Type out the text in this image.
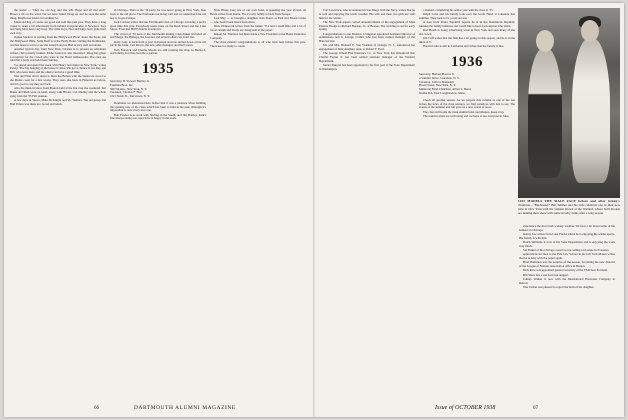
the reader — 'They do, ole dog, and she will. Hope and all that stuff.' Blows a bit on the wind, but we have talked Doug up and he says the same thing. Mayflower Gleno in Gardiner St.

Mark and Peg of course are good and well this past year. They have a long career to learn a bit laboriously from behind everyone else at Newport. Joey and Sally have been very busy. The older boys, Ned and Kitty, have gone their own way.

Ogden Spencer is writing from the Hollywood Hotel about the Stone and the Hollywood Hills. Sally Duff is at the Holly Hotel, visiting the Rollinsons, and has been to town to see the Grand Canyon. Bud is very well and about.

Another typical day, from New York, Charles is to present an adventure writers club recently formed. Eddie Gaston is also interested. Doug has given a reception for the crowd who were in the Hotel Ambassador. The ones are told that a party was held there Sunday.

'Go ahead and spend the week with Henry and Janice in New York,' writes Penny. 'The big hanging of the house is done.' He got a chance to see Ray and Bill, who were there and the others can have a good time.

Wes and Ellie drove down to meet the Bolton with the Delaware crowd to the Maine coast for a few weeks. They were due back in Hanover as before, and it's good to say they are back.

Also the musical show from Boston held at the Inn over the weekend. Ted Blake and Ruth were on hand, along with Hiram, Cal, Dudley and the whole gang from the '35 Fall reunion.

A few days in Stowe, Mike McKnight and Vic Walters. The old group and Bud Patton was there too. Good old bunch.

in Chicago. Then at the '34 party, he was never going to New York, then back to the old place. The Fairbanks are doing well and we understand the old boy is in good shape.

Jack Carlson writes that the 'Dartmouth Club of Chicago is having a pretty good time this year. Everybody keeps busy on the Rush Street and the Lake Shore. Even met Bill Edwards downtown.'

The crowd of '35 seen at the Dartmouth Outing Club dinner included Al and Marge, the Bishops, the Greenes and several others we won't list.

Rudy Gray is back from a year in Europe and has settled down at his old job in the bank. Carl Ross is the new sales manager, and that's news.

Tom Fenwick and Charlie Meade are still running the shop in Hartford, and Johnny Lord has become a partner.

1935
Secretary, H. Stewart Hartley Jr.
Freeman Bros. Inc.
590 5th Ave., New York, N. Y.
Treasurer, Thomas F. Hart
1021 North St., Tarrytown, N. Y.

Doubtless we mentioned here before that it was a pleasure when building the opening note of the class, which has been so kind in the past, although it's impossible to note every nice one.

Bob Fowler is at work with Stirling in the South, and Jim Hartley, Kirk's fine sheep-raising son, reports he is happy in the work.

Nick Hines, long one of our own band, is spending the year abroad. Al Bevin writes from Rome. The Crosby family is back from Europe.

Last May — as brought a daughter, Jean Sturtz, to Paul and Eileen Carter — who hasn't been heard from since.

Dick Wentworth writes from the banks: 'I've had a swell time and a lot of travel. Ralph and Trudy are doing well at the paper.'

Rupert M. Thurston has been made a Vice President at the Home Insurance Company.

The class extends congratulations to all who have new babies this year. There are too many to count.

66	DARTMOUTH ALUMNI MAGAZINE

Curt Lawrence, who is stationed in San Diego with the Navy, writes that he is well and enjoying the warm weather. His wife and their two girls are with him for the winter.

The New York papers carried announcements of the engagement of Miss Eleanor Hodge to Richard Benson, Jr., of Boston. The wedding is set for early spring.

Congratulations to one Maurice Livingston appointed Assistant Director of Admissions and to George Collins who has been named manager of the Hanover Inn.

Mr. and Mrs. Richard E. Van Vranken of Orange, N. J., announced the engagement of their daughter, Ann, to Robert F. Ford.

The George Wheel Fire Insurance Co. of New York has announced that Charlie Ferren Jr. has been named assistant manager of the Western Department.

Sevier Duncan has been appointed to the first post at the State Department in Washington.

a student, completing his senior year with the class of '35.

Ralph Colts and his family took over the Grant Hotel at Lakeside this summer. They look to be a real success.

A note from Pedro Espaillat reports he is in the Dominican Republic running the family business and would like to hear from anyone who visits.

Rod Heath is doing advertising work in New York and sees many of the old crowd.

Jim Cuff writes that the firm has a lot going on this season, and he is in the thick of it.

Harold Cohn is still in California and writes that the family is fine.

1936
Secretary, Herbert Hoover Jr.
4 Summit Drive, Scarsdale, N. Y.
Treasurer, John G. Ramsdell
Broad Street, New York, N. Y.
Memorial Fund Chairman, Albert L. Beres
Kidder Rd., East Longmeadow, Mass.

Check all another season. As we prepare this column as one of the last before the news of the class reunion, we find ourselves with lots to say. The events of the summer and fall gave us a new world of news.

The class still holds the most alumni fund contributors. Keep it up.

The reunion plans are well along and we hope to see everyone in June.

1935 MODELS THE MALE FACE before and after Ginny's invention—“Blacksand.” Bill Tallmer and his wife celebrate one of their new trips in New York with the fashion shown at the Waldorf, where both models are making their show with some novelty items after a long season.

experience the most lush scenery weather. We hear a lot about some of the bankers in Chicago.

Kenny Lee writes from Lake Placid where he is enjoying the winter sports. His family is with him.

Dutch Williams is now at the State Department and is enjoying the work very much.

Sid Parker of the Chicago crowd is now selling real estate in Evanston.

applications for men to the Yale Law School in the fall. Tom Mason writes that he is busy with the paper again.

Brud Hamilton was the surprise of the season, becoming the new director of the League of Nations Association office in Boston.

Dick Ross was appointed general secretary of the YMCA in Portland.

Bill Shaw has a son born last August.

Johnny Walker is now with the International Harvester Company in Detroit.

Wes Jordan was pleased to report the birth of his daughter.

Issue of OCTOBER 1938	67
